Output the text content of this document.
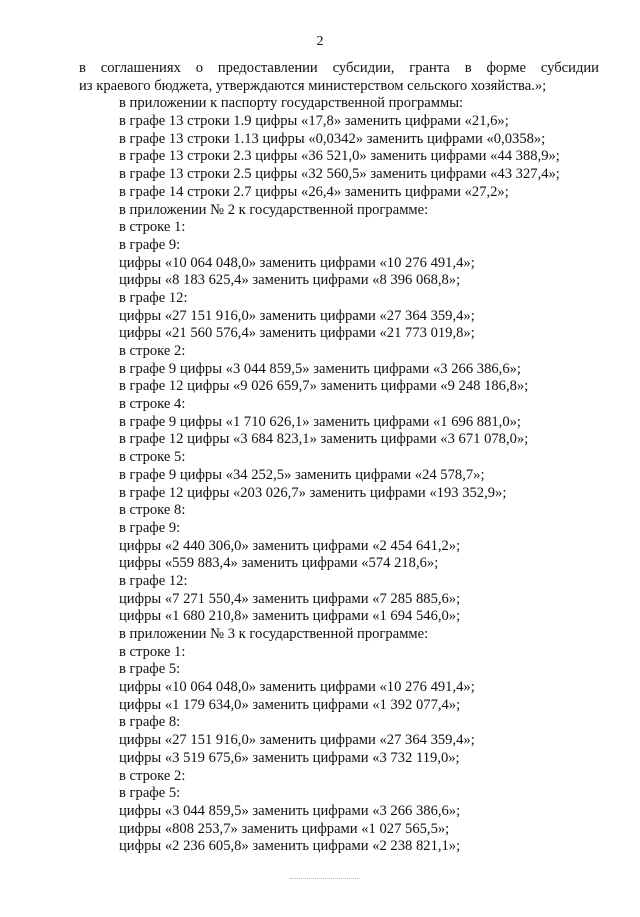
2
в соглашениях о предоставлении субсидии, гранта в форме субсидии
из краевого бюджета, утверждаются министерством сельского хозяйства.»;
в приложении к паспорту государственной программы:
в графе 13 строки 1.9 цифры «17,8» заменить цифрами «21,6»;
в графе 13 строки 1.13 цифры «0,0342» заменить цифрами «0,0358»;
в графе 13 строки 2.3 цифры «36 521,0» заменить цифрами «44 388,9»;
в графе 13 строки 2.5 цифры «32 560,5» заменить цифрами «43 327,4»;
в графе 14 строки 2.7 цифры «26,4» заменить цифрами «27,2»;
в приложении № 2 к государственной программе:
в строке 1:
в графе 9:
цифры «10 064 048,0» заменить цифрами «10 276 491,4»;
цифры «8 183 625,4» заменить цифрами «8 396 068,8»;
в графе 12:
цифры «27 151 916,0» заменить цифрами «27 364 359,4»;
цифры «21 560 576,4» заменить цифрами «21 773 019,8»;
в строке 2:
в графе 9 цифры «3 044 859,5» заменить цифрами «3 266 386,6»;
в графе 12 цифры «9 026 659,7» заменить цифрами «9 248 186,8»;
в строке 4:
в графе 9 цифры «1 710 626,1» заменить цифрами «1 696 881,0»;
в графе 12 цифры «3 684 823,1» заменить цифрами «3 671 078,0»;
в строке 5:
в графе 9 цифры «34 252,5» заменить цифрами «24 578,7»;
в графе 12 цифры «203 026,7» заменить цифрами «193 352,9»;
в строке 8:
в графе 9:
цифры «2 440 306,0» заменить цифрами «2 454 641,2»;
цифры «559 883,4» заменить цифрами «574 218,6»;
в графе 12:
цифры «7 271 550,4» заменить цифрами «7 285 885,6»;
цифры «1 680 210,8» заменить цифрами «1 694 546,0»;
в приложении № 3 к государственной программе:
в строке 1:
в графе 5:
цифры «10 064 048,0» заменить цифрами «10 276 491,4»;
цифры «1 179 634,0» заменить цифрами «1 392 077,4»;
в графе 8:
цифры «27 151 916,0» заменить цифрами «27 364 359,4»;
цифры «3 519 675,6» заменить цифрами «3 732 119,0»;
в строке 2:
в графе 5:
цифры «3 044 859,5» заменить цифрами «3 266 386,6»;
цифры «808 253,7» заменить цифрами «1 027 565,5»;
цифры «2 236 605,8» заменить цифрами «2 238 821,1»;
